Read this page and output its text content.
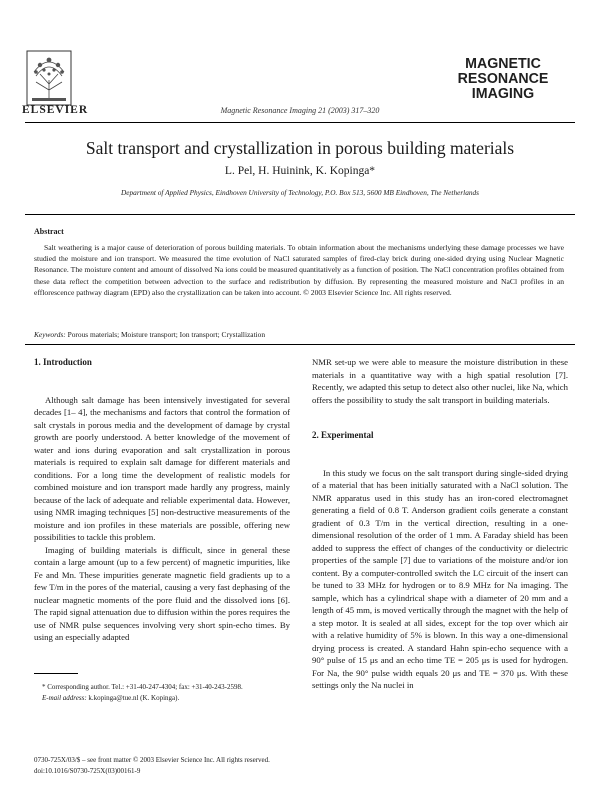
ELSEVIER	Magnetic Resonance Imaging 21 (2003) 317–320
MAGNETIC
RESONANCE
IMAGING
Salt transport and crystallization in porous building materials
L. Pel, H. Huinink, K. Kopinga*
Department of Applied Physics, Eindhoven University of Technology, P.O. Box 513, 5600 MB Eindhoven, The Netherlands
Abstract
Salt weathering is a major cause of deterioration of porous building materials. To obtain information about the mechanisms underlying these damage processes we have studied the moisture and ion transport. We measured the time evolution of NaCl saturated samples of fired-clay brick during one-sided drying using Nuclear Magnetic Resonance. The moisture content and amount of dissolved Na ions could be measured quantitatively as a function of position. The NaCl concentration profiles obtained from these data reflect the competition between advection to the surface and redistribution by diffusion. By representing the measured moisture and NaCl profiles in an efflorescence pathway diagram (EPD) also the crystallization can be taken into account. © 2003 Elsevier Science Inc. All rights reserved.
Keywords: Porous materials; Moisture transport; Ion transport; Crystallization
1. Introduction

Although salt damage has been intensively investigated for several decades [1– 4], the mechanisms and factors that control the formation of salt crystals in porous media and the development of damage by crystal growth are poorly understood. A better knowledge of the movement of water and ions during evaporation and salt crystallization in porous materials is required to explain salt damage for different materials and conditions. For a long time the development of realistic models for combined moisture and ion transport made hardly any progress, mainly because of the lack of adequate and reliable experimental data. However, using NMR imaging techniques [5] non-destructive measurements of the moisture and ion profiles in these materials are possible, offering new possibilities to tackle this problem.

Imaging of building materials is difficult, since in general these contain a large amount (up to a few percent) of magnetic impurities, like Fe and Mn. These impurities generate magnetic field gradients up to a few T/m in the pores of the material, causing a very fast dephasing of the nuclear magnetic moments of the pore fluid and the dissolved ions [6]. The rapid signal attenuation due to diffusion within the pores requires the use of NMR pulse sequences involving very short spin-echo times. By using an especially adapted

NMR set-up we were able to measure the moisture distribution in these materials in a quantitative way with a high spatial resolution [7]. Recently, we adapted this setup to detect also other nuclei, like Na, which offers the possibility to study the salt transport in building materials.

2. Experimental

In this study we focus on the salt transport during single-sided drying of a material that has been initially saturated with a NaCl solution. The NMR apparatus used in this study has an iron-cored electromagnet generating a field of 0.8 T. Anderson gradient coils generate a constant gradient of 0.3 T/m in the vertical direction, resulting in a one-dimensional resolution of the order of 1 mm. A Faraday shield has been added to suppress the effect of changes of the conductivity or dielectric properties of the sample [7] due to variations of the moisture and/or ion content. By a computer-controlled switch the LC circuit of the insert can be tuned to 33 MHz for hydrogen or to 8.9 MHz for Na imaging. The sample, which has a cylindrical shape with a diameter of 20 mm and a length of 45 mm, is moved vertically through the magnet with the help of a step motor. It is sealed at all sides, except for the top over which air with a relative humidity of 5% is blown. In this way a one-dimensional drying process is created. A standard Hahn spin-echo sequence with a 90° pulse of 15 μs and an echo time TE = 205 μs is used for hydrogen. For Na, the 90° pulse width equals 20 μs and TE = 370 μs. With these settings only the Na nuclei in

* Corresponding author. Tel.: +31-40-247-4304; fax: +31-40-243-2598.

E-mail address: k.kopinga@tue.nl (K. Kopinga).

0730-725X/03/$ – see front matter © 2003 Elsevier Science Inc. All rights reserved.
doi:10.1016/S0730-725X(03)00161-9
